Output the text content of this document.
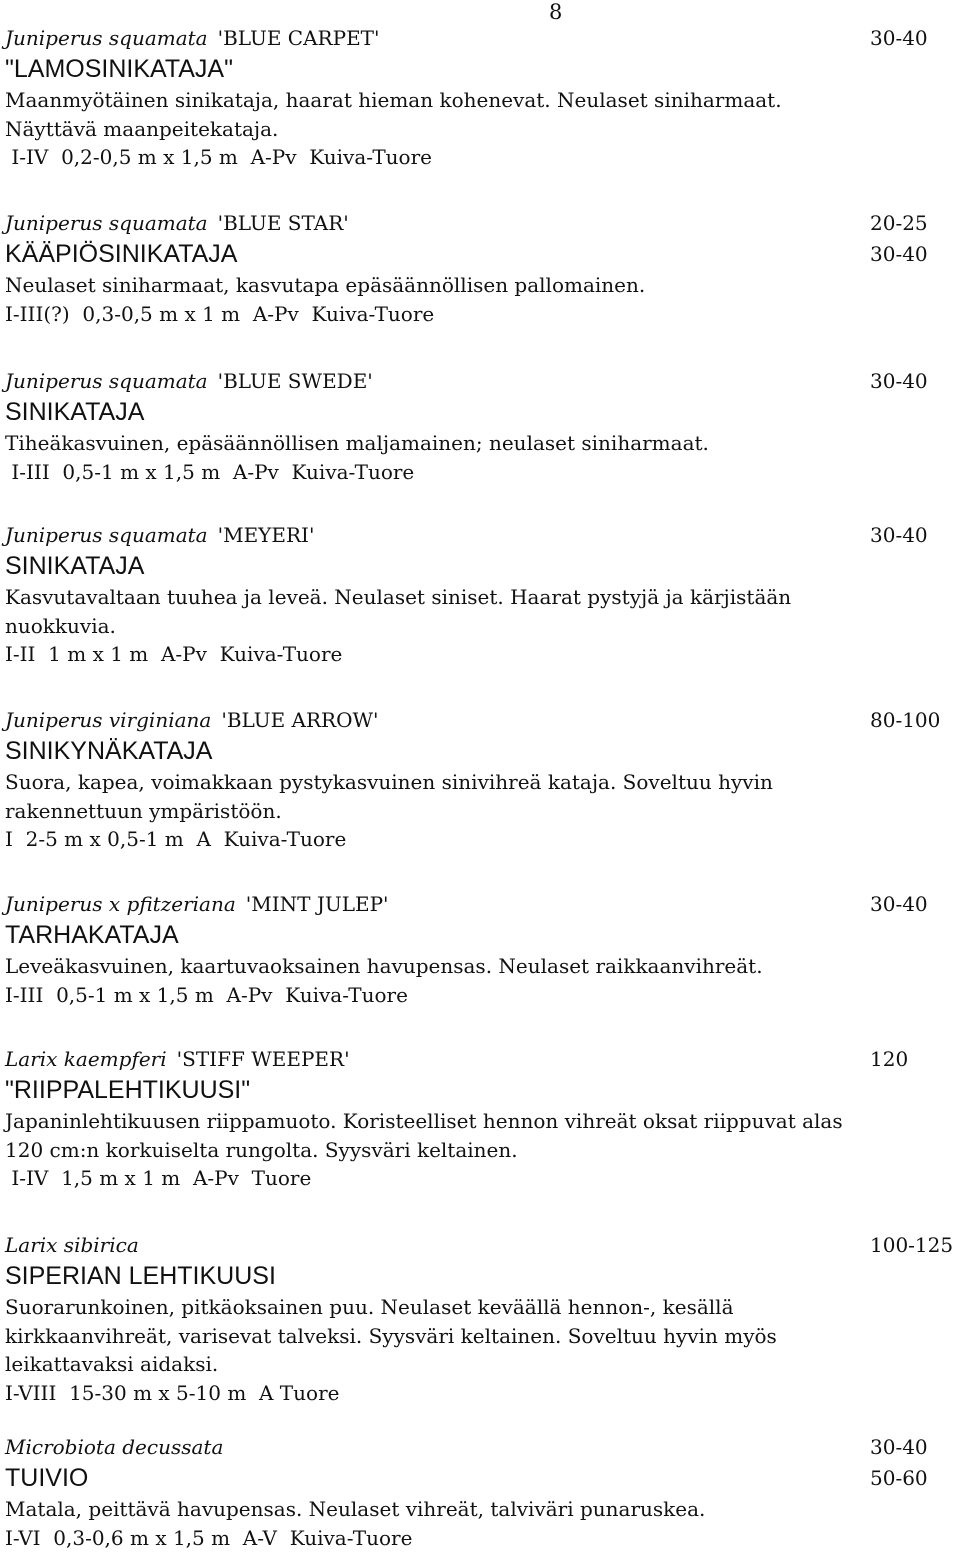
8
Juniperus squamata 'BLUE CARPET'	30-40
"LAMOSINIKATAJA"

Maanmyötäinen sinikataja, haarat hieman kohenevat. Neulaset siniharmaat. Näyttävä maanpeitekataja.

I-IV  0,2-0,5 m x 1,5 m  A-Pv  Kuiva-Tuore
Juniperus squamata 'BLUE STAR'	20-25
KÄÄPIÖSINIKATAJA	30-40

Neulaset siniharmaat, kasvutapa epäsäännöllisen pallomainen.

I-III(?)  0,3-0,5 m x 1 m  A-Pv  Kuiva-Tuore
Juniperus squamata 'BLUE SWEDE'	30-40
SINIKATAJA

Tiheäkasvuinen, epäsäännöllisen maljamainen; neulaset siniharmaat.

I-III  0,5-1 m x 1,5 m  A-Pv  Kuiva-Tuore
Juniperus squamata 'MEYERI'	30-40
SINIKATAJA

Kasvutavaltaan tuuhea ja leveä. Neulaset siniset. Haarat pystyjä ja kärjistään nuokkuvia.

I-II  1 m x 1 m  A-Pv  Kuiva-Tuore
Juniperus virginiana 'BLUE ARROW'	80-100
SINIKYNÄKATAJA

Suora, kapea, voimakkaan pystykasvuinen sinivihreä kataja. Soveltuu hyvin rakennettuun ympäristöön.

I  2-5 m x 0,5-1 m  A  Kuiva-Tuore
Juniperus x pfitzeriana 'MINT JULEP'	30-40
TARHAKATAJA

Leveäkasvuinen, kaartuvaoksainen havupensas. Neulaset raikkaanvihreät.

I-III  0,5-1 m x 1,5 m  A-Pv  Kuiva-Tuore
Larix kaempferi 'STIFF WEEPER'	120
"RIIPPALEHTIKUUSI"

Japaninlehtikuusen riippamuoto. Koristeelliset hennon vihreät oksat riippuvat alas 120 cm:n korkuiselta rungolta. Syysväri keltainen.

I-IV  1,5 m x 1 m  A-Pv  Tuore
Larix sibirica	100-125
SIPERIAN LEHTIKUUSI

Suorarunkoinen, pitkäoksainen puu. Neulaset keväällä hennon-, kesällä kirkkaanvihreät, varisevat talveksi. Syysväri keltainen. Soveltuu hyvin myös leikattavaksi aidaksi.

I-VIII  15-30 m x 5-10 m  A Tuore
Microbiota decussata	30-40
TUIVIO	50-60

Matala, peittävä havupensas. Neulaset vihreät, talviväri punaruskea.

I-VI  0,3-0,6 m x 1,5 m  A-V  Kuiva-Tuore
